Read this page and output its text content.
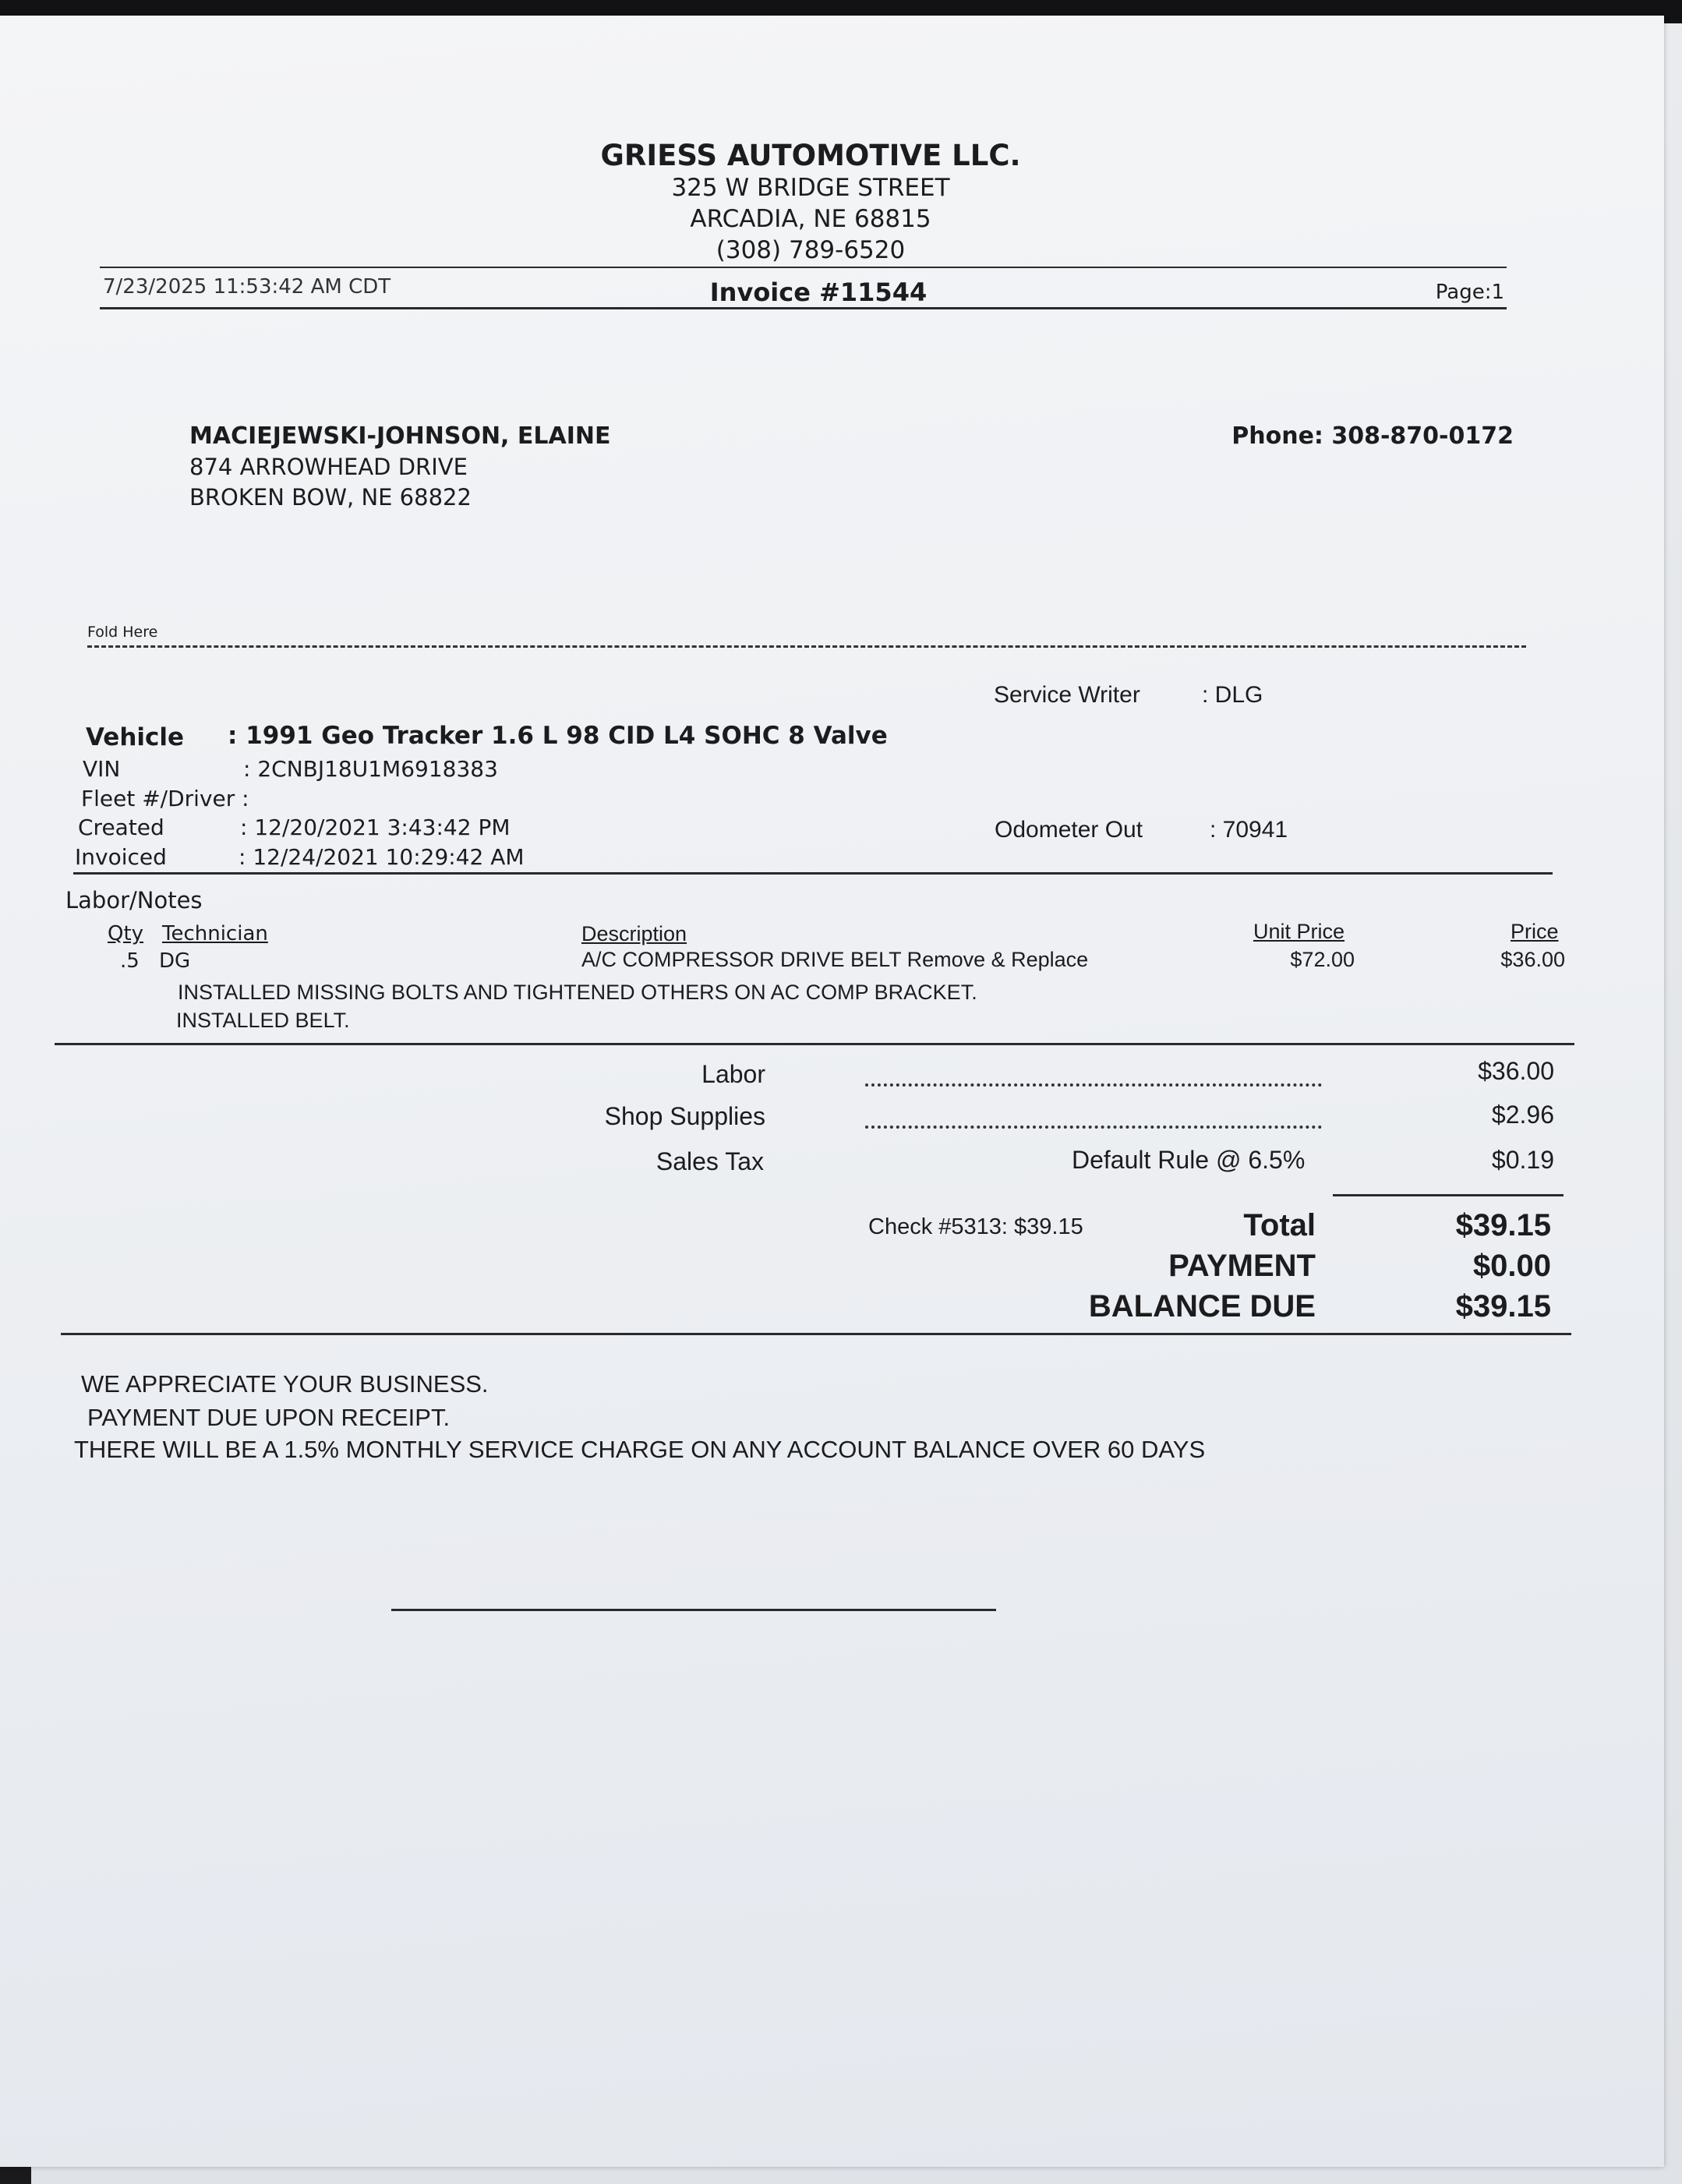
GRIESS AUTOMOTIVE LLC.
325 W BRIDGE STREET
ARCADIA, NE 68815
(308) 789-6520
7/23/2025 11:53:42 AM CDT	Invoice #11544	Page:1
MACIEJEWSKI-JOHNSON, ELAINE
874 ARROWHEAD DRIVE
BROKEN BOW, NE 68822
Phone: 308-870-0172
Fold Here
Service Writer	: DLG
Vehicle : 1991 Geo Tracker 1.6 L 98 CID L4 SOHC 8 Valve
VIN	: 2CNBJ18U1M6918383
Fleet #/Driver :
Created	: 12/20/2021 3:43:42 PM
Invoiced	: 12/24/2021 10:29:42 AM
Odometer Out	: 70941
Labor/Notes
Qty Technician	Description	Unit Price	Price
.5 DG	A/C COMPRESSOR DRIVE BELT Remove & Replace	$72.00	$36.00
INSTALLED MISSING BOLTS AND TIGHTENED OTHERS ON AC COMP BRACKET.
INSTALLED BELT.
Labor	$36.00
Shop Supplies	$2.96
Sales Tax	Default Rule @ 6.5%	$0.19
Check #5313: $39.15	Total	$39.15
PAYMENT	$0.00
BALANCE DUE	$39.15
WE APPRECIATE YOUR BUSINESS.
PAYMENT DUE UPON RECEIPT.
THERE WILL BE A 1.5% MONTHLY SERVICE CHARGE ON ANY ACCOUNT BALANCE OVER 60 DAYS
